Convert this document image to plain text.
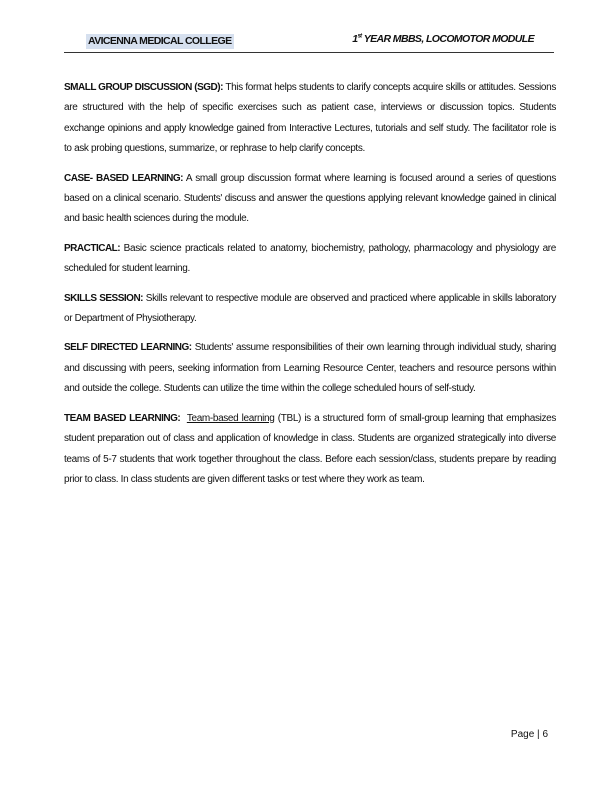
AVICENNA MEDICAL COLLEGE	1st YEAR MBBS, LOCOMOTOR MODULE

SMALL GROUP DISCUSSION (SGD): This format helps students to clarify concepts acquire skills or attitudes. Sessions are structured with the help of specific exercises such as patient case, interviews or discussion topics. Students exchange opinions and apply knowledge gained from Interactive Lectures, tutorials and self study. The facilitator role is to ask probing questions, summarize, or rephrase to help clarify concepts.

CASE- BASED LEARNING: A small group discussion format where learning is focused around a series of questions based on a clinical scenario. Students' discuss and answer the questions applying relevant knowledge gained in clinical and basic health sciences during the module.

PRACTICAL: Basic science practicals related to anatomy, biochemistry, pathology, pharmacology and physiology are scheduled for student learning.

SKILLS SESSION: Skills relevant to respective module are observed and practiced where applicable in skills laboratory or Department of Physiotherapy.

SELF DIRECTED LEARNING: Students' assume responsibilities of their own learning through individual study, sharing and discussing with peers, seeking information from Learning Resource Center, teachers and resource persons within and outside the college. Students can utilize the time within the college scheduled hours of self-study.

TEAM BASED LEARNING: Team-based learning (TBL) is a structured form of small-group learning that emphasizes student preparation out of class and application of knowledge in class. Students are organized strategically into diverse teams of 5-7 students that work together throughout the class. Before each session/class, students prepare by reading prior to class. In class students are given different tasks or test where they work as team.

Page | 6
